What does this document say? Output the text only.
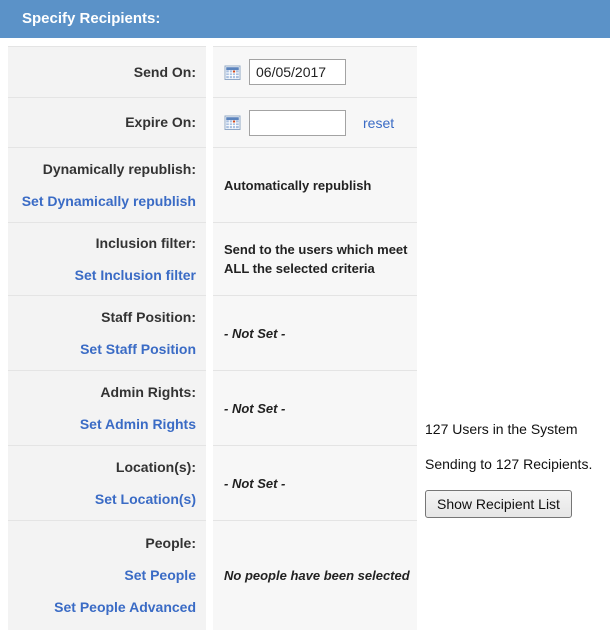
Specify Recipients:
Send On:
06/05/2017
Expire On:	reset
Dynamically republish:
Set Dynamically republish
Automatically republish
Inclusion filter:
Set Inclusion filter
Send to the users which meet ALL the selected criteria
Staff Position:
Set Staff Position
- Not Set -
Admin Rights:
Set Admin Rights
- Not Set -
Location(s):
Set Location(s)
- Not Set -
People:
Set People
Set People Advanced
No people have been selected

127 Users in the System

Sending to 127 Recipients.

Show Recipient List
